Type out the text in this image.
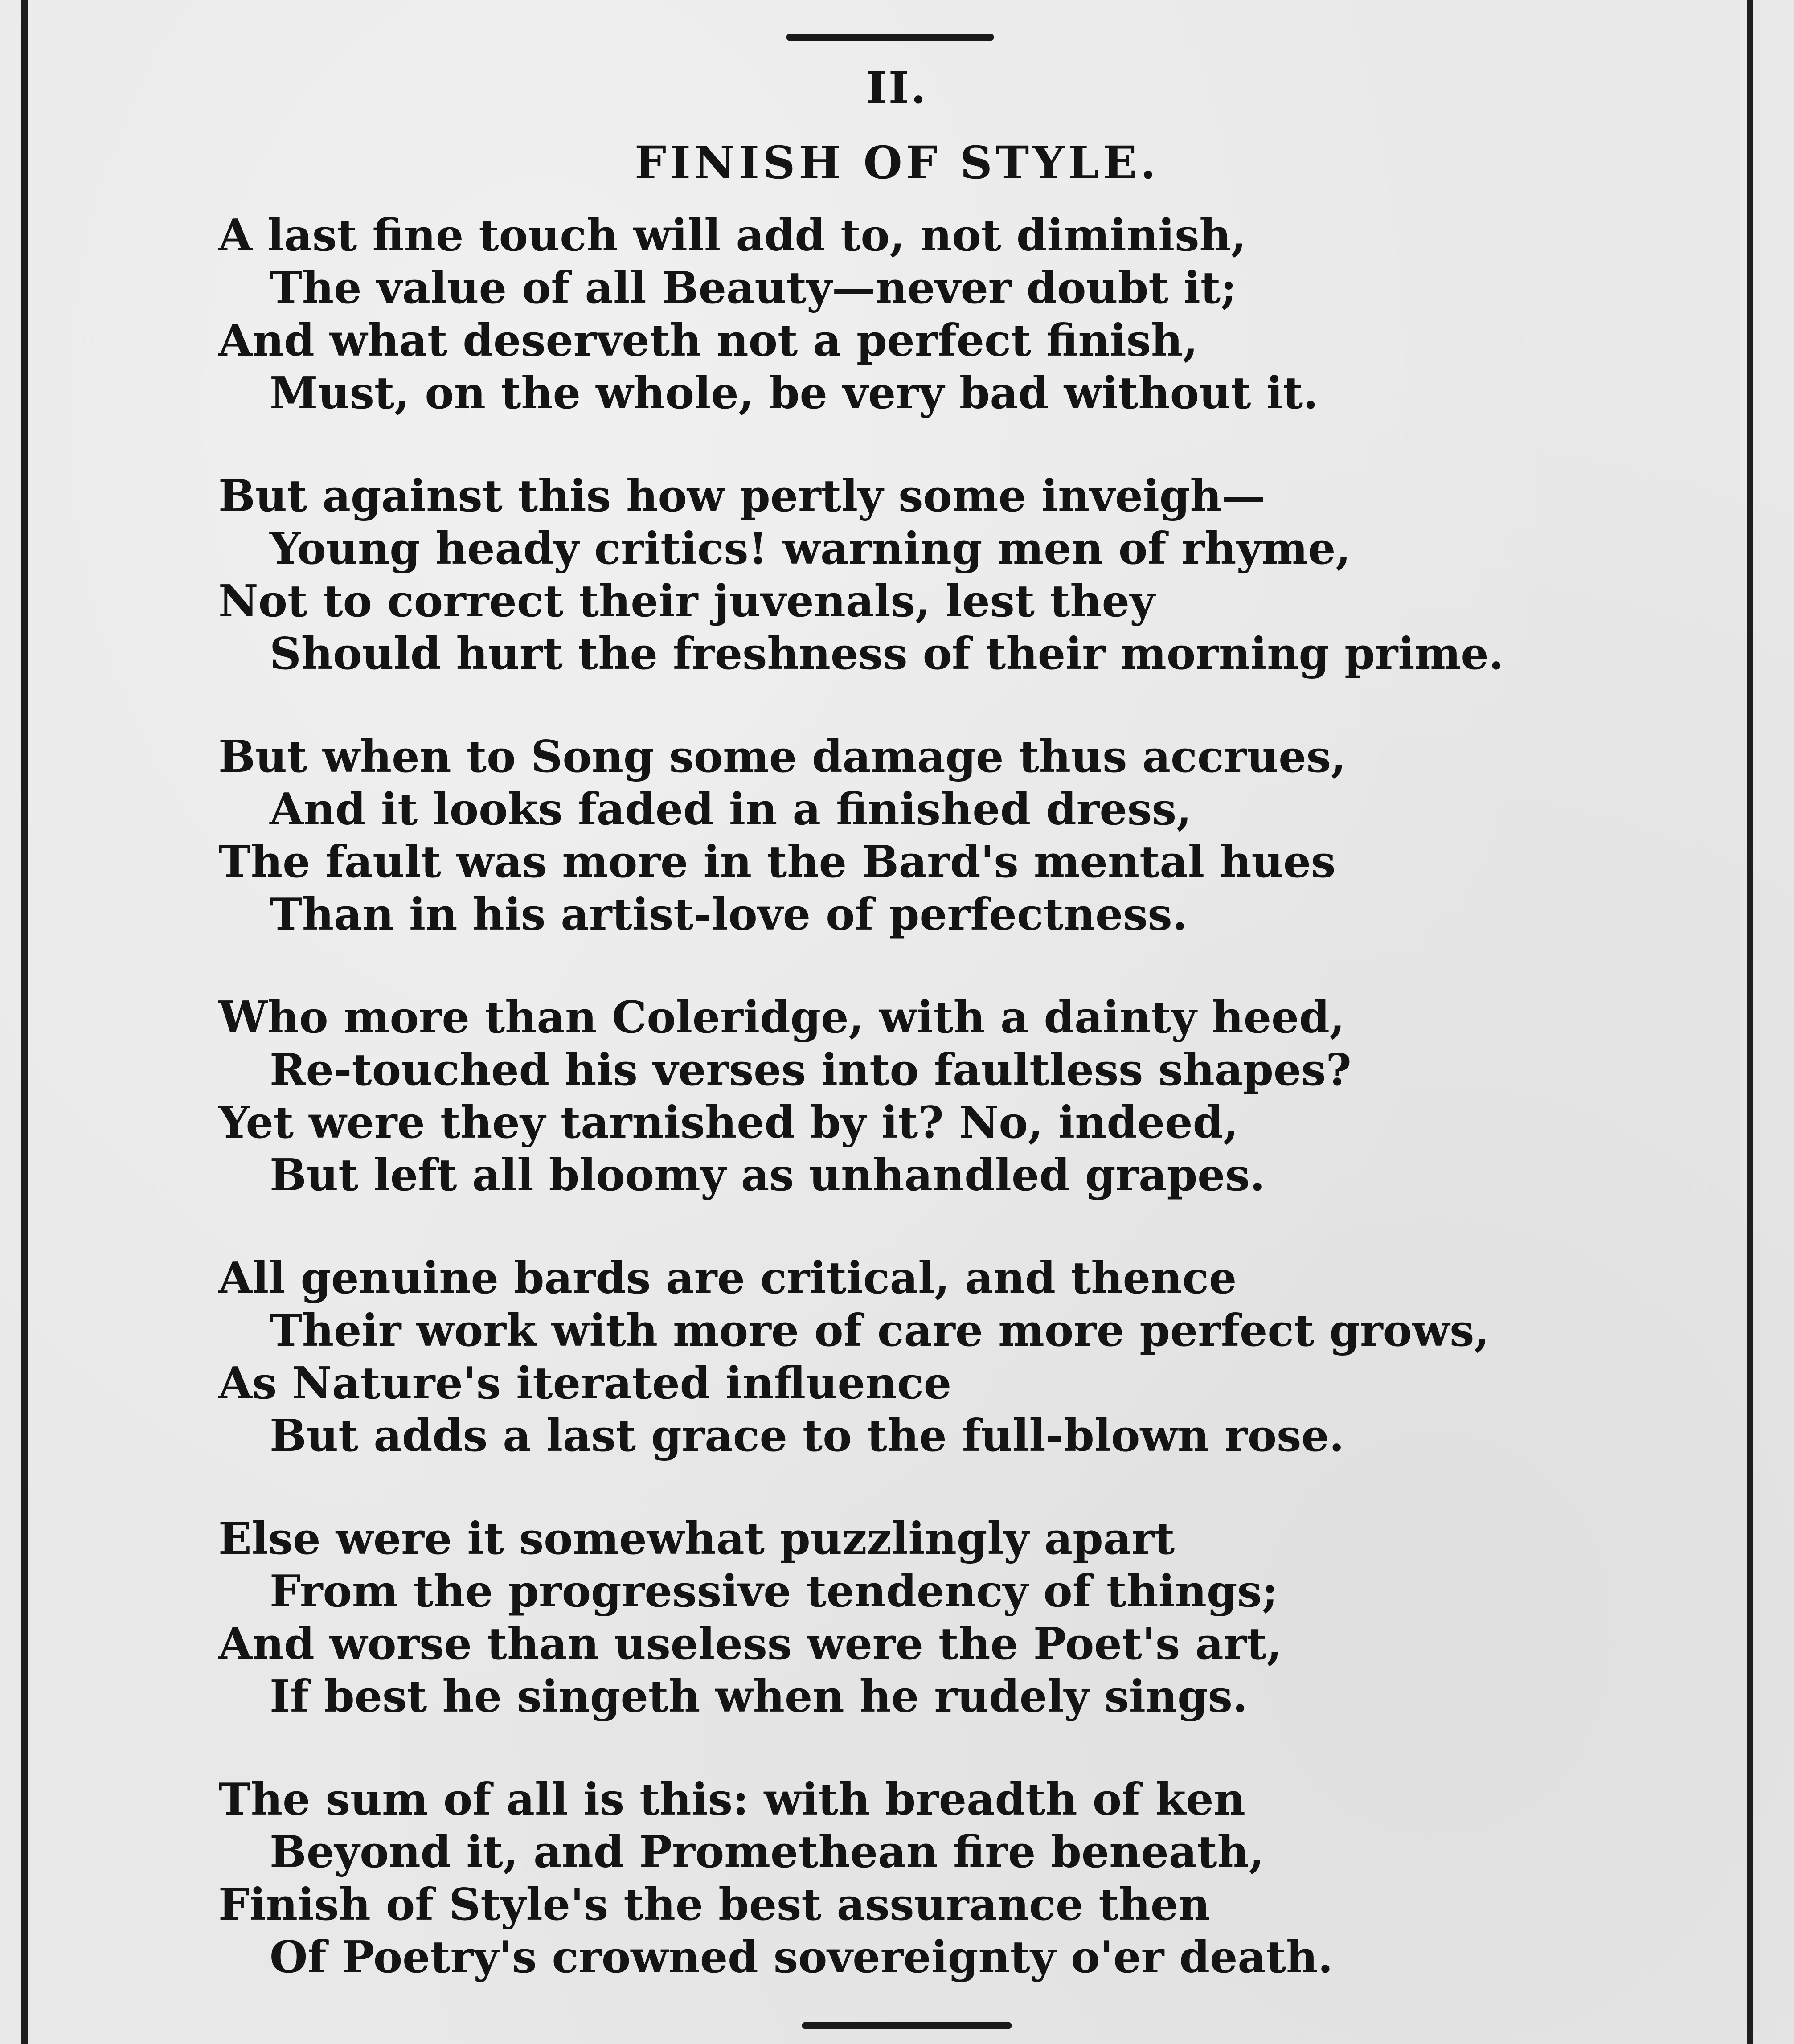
II.
FINISH OF STYLE.
A last fine touch will add to, not diminish,
The value of all Beauty—never doubt it;
And what deserveth not a perfect finish,
Must, on the whole, be very bad without it.
But against this how pertly some inveigh—
Young heady critics! warning men of rhyme,
Not to correct their juvenals, lest they
Should hurt the freshness of their morning prime.
But when to Song some damage thus accrues,
And it looks faded in a finished dress,
The fault was more in the Bard's mental hues
Than in his artist-love of perfectness.
Who more than Coleridge, with a dainty heed,
Re-touched his verses into faultless shapes?
Yet were they tarnished by it? No, indeed,
But left all bloomy as unhandled grapes.
All genuine bards are critical, and thence
Their work with more of care more perfect grows,
As Nature's iterated influence
But adds a last grace to the full-blown rose.
Else were it somewhat puzzlingly apart
From the progressive tendency of things;
And worse than useless were the Poet's art,
If best he singeth when he rudely sings.
The sum of all is this: with breadth of ken
Beyond it, and Promethean fire beneath,
Finish of Style's the best assurance then
Of Poetry's crowned sovereignty o'er death.
